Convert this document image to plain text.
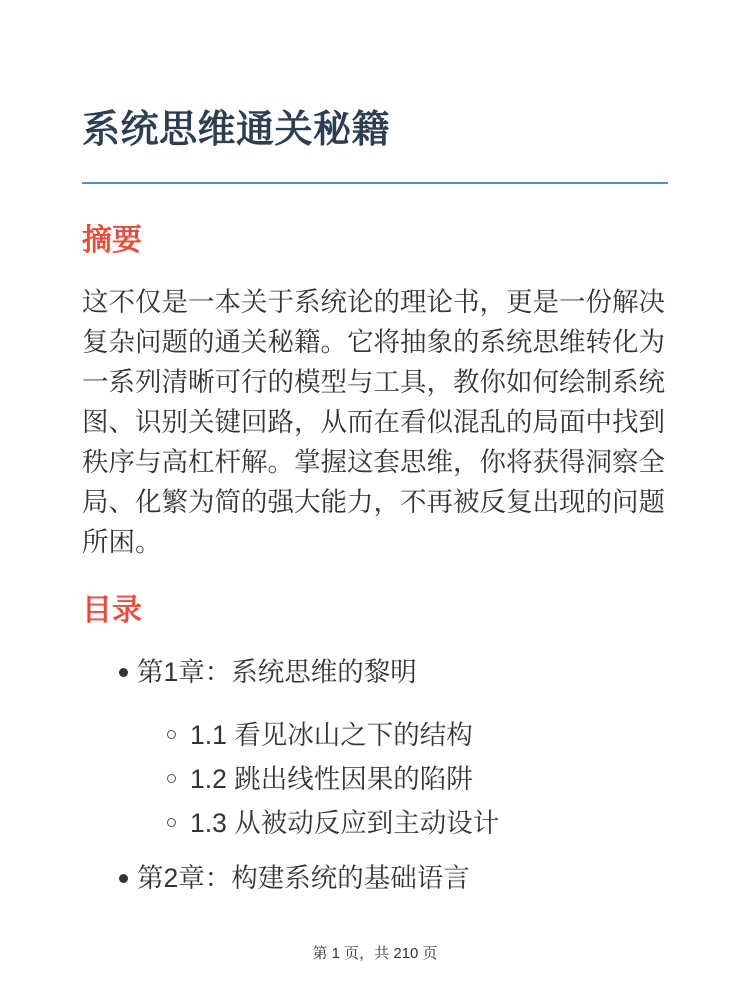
系统思维通关秘籍
摘要

这不仅是一本关于系统论的理论书，更是一份解决复杂问题的通关秘籍。它将抽象的系统思维转化为一系列清晰可行的模型与工具，教你如何绘制系统图、识别关键回路，从而在看似混乱的局面中找到秩序与高杠杆解。掌握这套思维，你将获得洞察全局、化繁为简的强大能力，不再被反复出现的问题所困。

目录
第1章：系统思维的黎明
1.1 看见冰山之下的结构
1.2 跳出线性因果的陷阱
1.3 从被动反应到主动设计
第2章：构建系统的基础语言
第 1 页，共 210 页
